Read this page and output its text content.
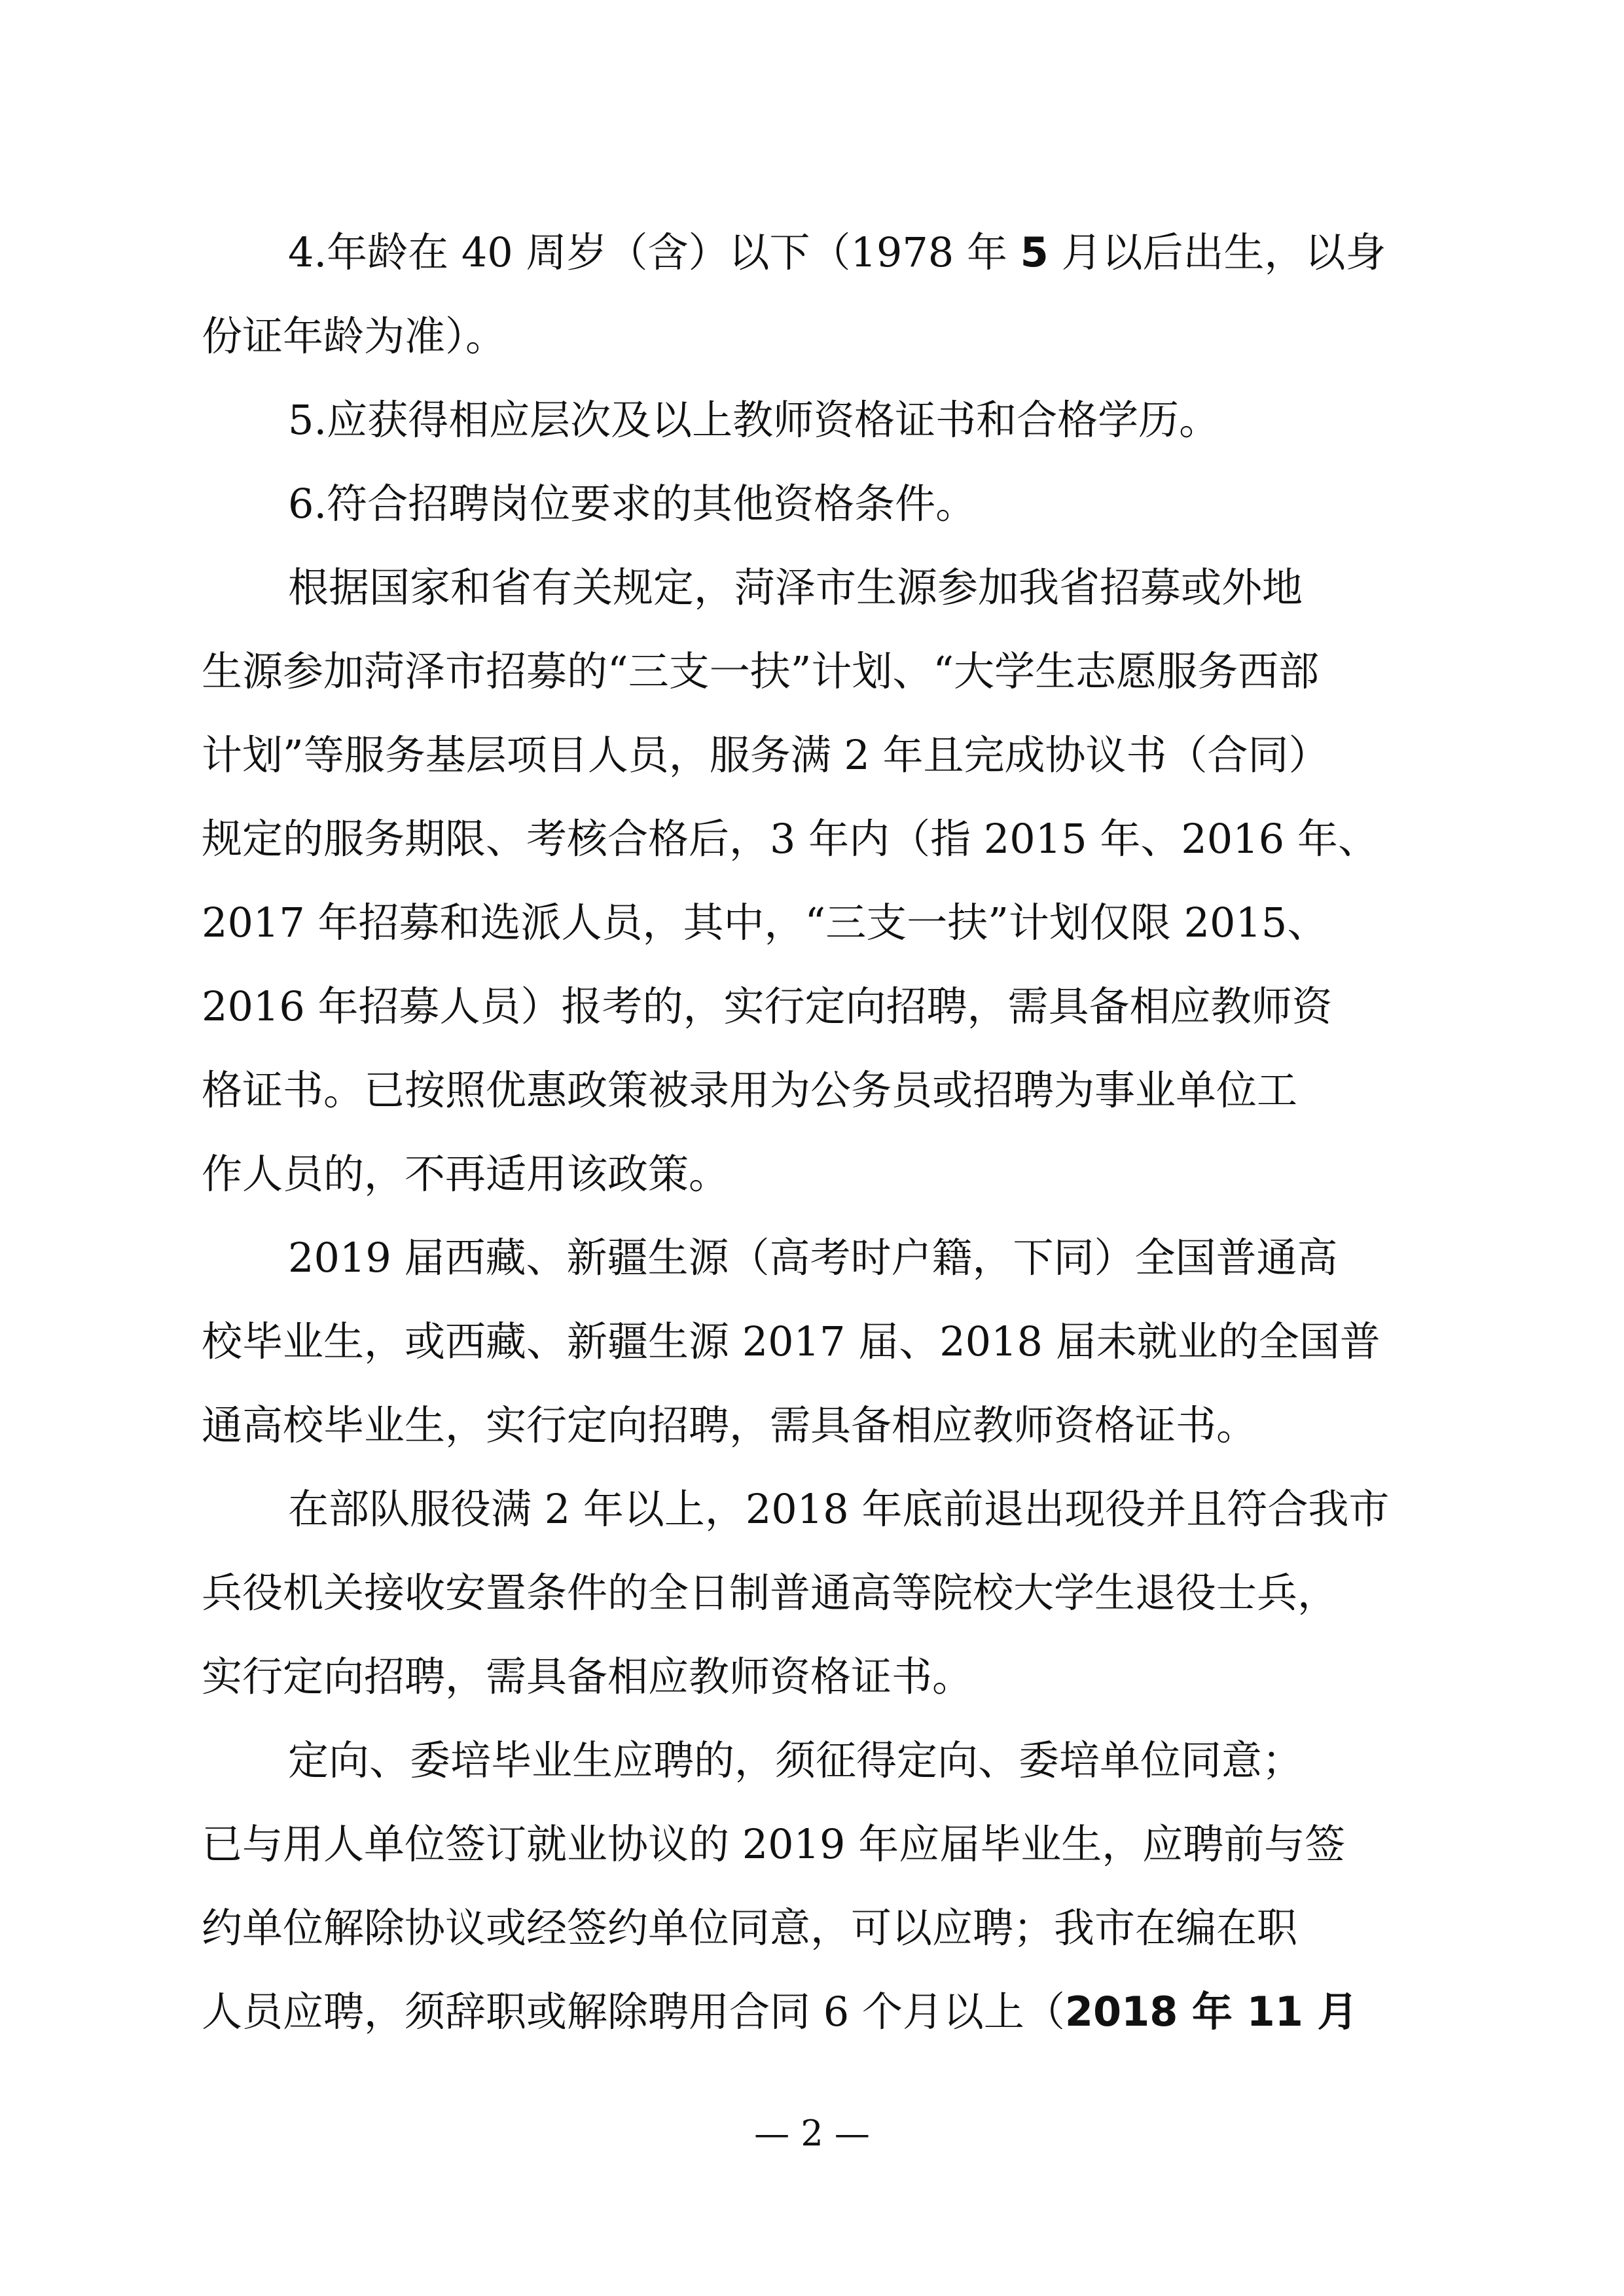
4.年龄在 40 周岁（含）以下（1978 年 5 月以后出生，以身
份证年龄为准）。
5.应获得相应层次及以上教师资格证书和合格学历。
6.符合招聘岗位要求的其他资格条件。
根据国家和省有关规定，菏泽市生源参加我省招募或外地
生源参加菏泽市招募的“三支一扶”计划、“大学生志愿服务西部
计划”等服务基层项目人员，服务满 2 年且完成协议书（合同）
规定的服务期限、考核合格后，3 年内（指 2015 年、2016 年、
2017 年招募和选派人员，其中，“三支一扶”计划仅限 2015、
2016 年招募人员）报考的，实行定向招聘，需具备相应教师资
格证书。已按照优惠政策被录用为公务员或招聘为事业单位工
作人员的，不再适用该政策。
2019 届西藏、新疆生源（高考时户籍，下同）全国普通高
校毕业生，或西藏、新疆生源 2017 届、2018 届未就业的全国普
通高校毕业生，实行定向招聘，需具备相应教师资格证书。
在部队服役满 2 年以上，2018 年底前退出现役并且符合我市
兵役机关接收安置条件的全日制普通高等院校大学生退役士兵，
实行定向招聘，需具备相应教师资格证书。
定向、委培毕业生应聘的，须征得定向、委培单位同意；
已与用人单位签订就业协议的 2019 年应届毕业生，应聘前与签
约单位解除协议或经签约单位同意，可以应聘；我市在编在职
人员应聘，须辞职或解除聘用合同 6 个月以上（2018 年 11 月
— 2 —
